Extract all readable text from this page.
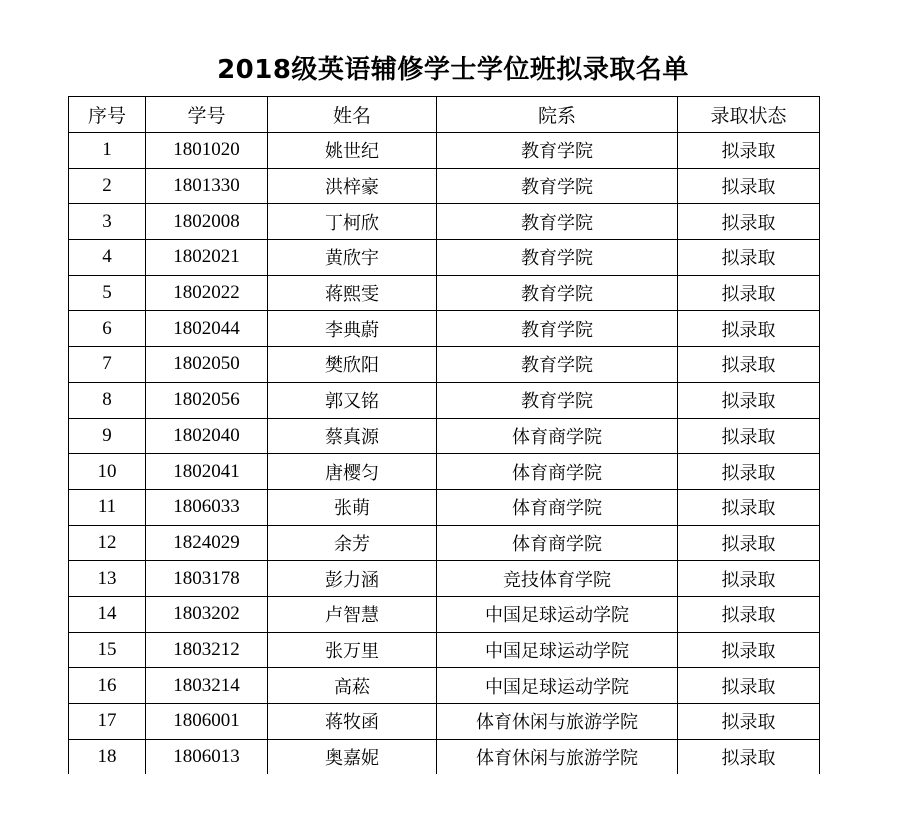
2018级英语辅修学士学位班拟录取名单
序号	学号	姓名	院系	录取状态
1	1801020	姚世纪	教育学院	拟录取
2	1801330	洪梓豪	教育学院	拟录取
3	1802008	丁柯欣	教育学院	拟录取
4	1802021	黄欣宇	教育学院	拟录取
5	1802022	蒋熙雯	教育学院	拟录取
6	1802044	李典蔚	教育学院	拟录取
7	1802050	樊欣阳	教育学院	拟录取
8	1802056	郭又铭	教育学院	拟录取
9	1802040	蔡真源	体育商学院	拟录取
10	1802041	唐樱匀	体育商学院	拟录取
11	1806033	张萌	体育商学院	拟录取
12	1824029	余芳	体育商学院	拟录取
13	1803178	彭力涵	竞技体育学院	拟录取
14	1803202	卢智慧	中国足球运动学院	拟录取
15	1803212	张万里	中国足球运动学院	拟录取
16	1803214	高菘	中国足球运动学院	拟录取
17	1806001	蒋牧函	体育休闲与旅游学院	拟录取
18	1806013	奥嘉妮	体育休闲与旅游学院	拟录取
